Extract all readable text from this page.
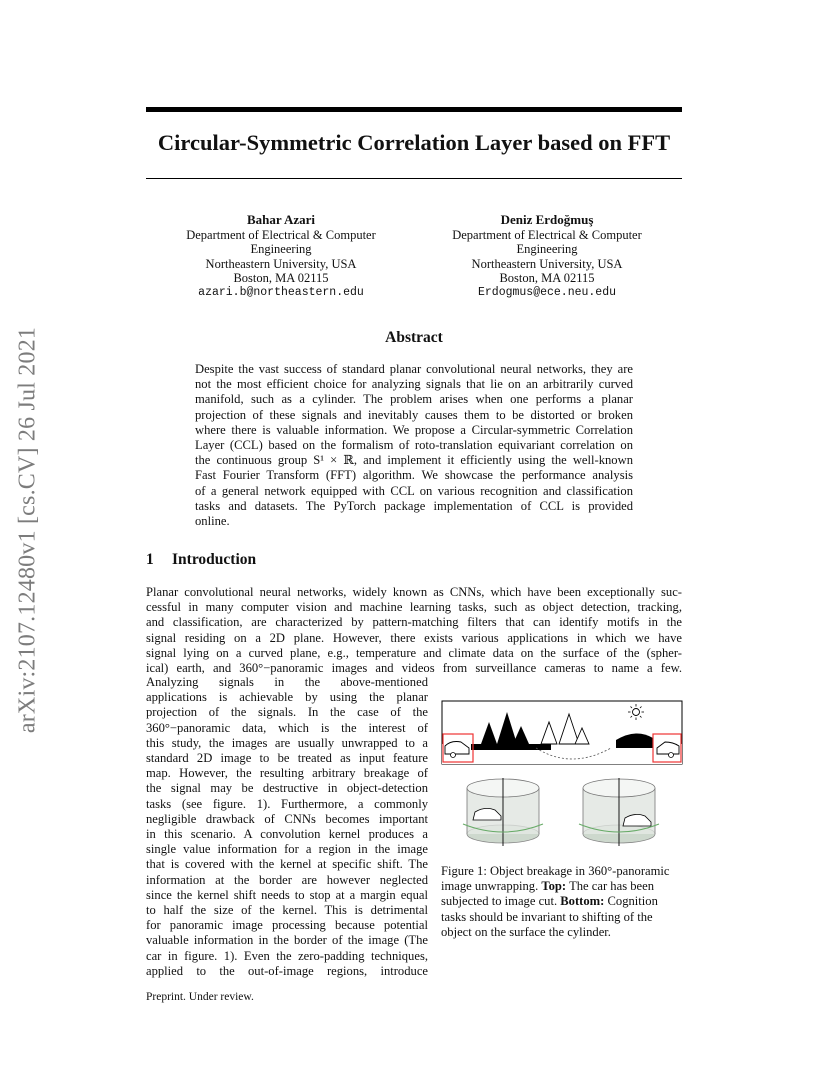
Circular-Symmetric Correlation Layer based on FFT
arXiv:2107.12480v1 [cs.CV] 26 Jul 2021
Bahar Azari
Department of Electrical & Computer Engineering
Northeastern University, USA
Boston, MA 02115
azari.b@northeastern.edu
Deniz Erdoğmuş
Department of Electrical & Computer Engineering
Northeastern University, USA
Boston, MA 02115
Erdogmus@ece.neu.edu
Abstract
Despite the vast success of standard planar convolutional neural networks, they are
not the most efficient choice for analyzing signals that lie on an arbitrarily curved
manifold, such as a cylinder. The problem arises when one performs a planar
projection of these signals and inevitably causes them to be distorted or broken
where there is valuable information. We propose a Circular-symmetric Correlation
Layer (CCL) based on the formalism of roto-translation equivariant correlation on
the continuous group S¹ × ℝ, and implement it efficiently using the well-known
Fast Fourier Transform (FFT) algorithm. We showcase the performance analysis
of a general network equipped with CCL on various recognition and classification
tasks and datasets. The PyTorch package implementation of CCL is provided
online.
1 Introduction
Planar convolutional neural networks, widely known as CNNs, which have been exceptionally suc-
cessful in many computer vision and machine learning tasks, such as object detection, tracking,
and classification, are characterized by pattern-matching filters that can identify motifs in the
signal residing on a 2D plane. However, there exists various applications in which we have
signal lying on a curved plane, e.g., temperature and climate data on the surface of the (spher-
ical) earth, and 360°−panoramic images and videos from surveillance cameras to name a few.
Analyzing signals in the above-mentioned
applications is achievable by using the planar
projection of the signals. In the case of the
360°−panoramic data, which is the interest of
this study, the images are usually unwrapped to a
standard 2D image to be treated as input feature
map. However, the resulting arbitrary breakage of
the signal may be destructive in object-detection
tasks (see figure. 1). Furthermore, a commonly
negligible drawback of CNNs becomes important
in this scenario. A convolution kernel produces a
single value information for a region in the image
that is covered with the kernel at specific shift. The
information at the border are however neglected
since the kernel shift needs to stop at a margin equal
to half the size of the kernel. This is detrimental
for panoramic image processing because potential
valuable information in the border of the image (The
car in figure. 1). Even the zero-padding techniques,
applied to the out-of-image regions, introduce
Figure 1: Object breakage in 360°-panoramic image unwrapping. Top: The car has been subjected to image cut. Bottom: Cognition tasks should be invariant to shifting of the object on the surface the cylinder.
Preprint. Under review.
